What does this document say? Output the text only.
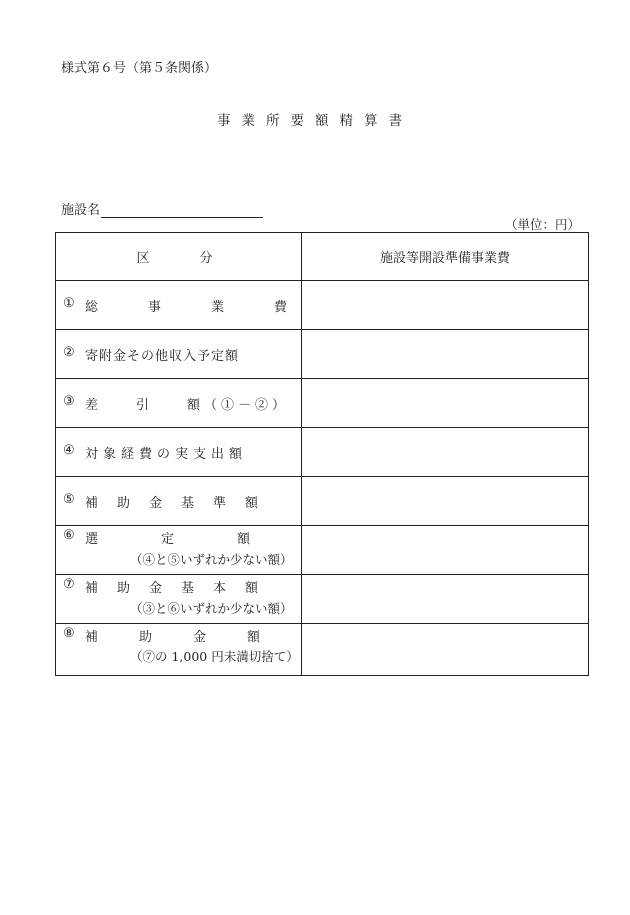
様式第６号（第５条関係）
事業所要額精算書
施設名
（単位：円）
区　　分	施設等開設準備事業費

① 総　　事　　業　　費	

② 寄附金その他収入予定額	

③ 差　　引　　額（①－②）	

④ 対象経費の実支出額	

⑤ 補　助　金　基　準　額	

⑥ 選　　　定　　　額
（④と⑤いずれか少ない額）	

⑦ 補　助　金　基　本　額
（③と⑥いずれか少ない額）	

⑧ 補　　助　　金　　額
（⑦の 1,000 円未満切捨て）	
